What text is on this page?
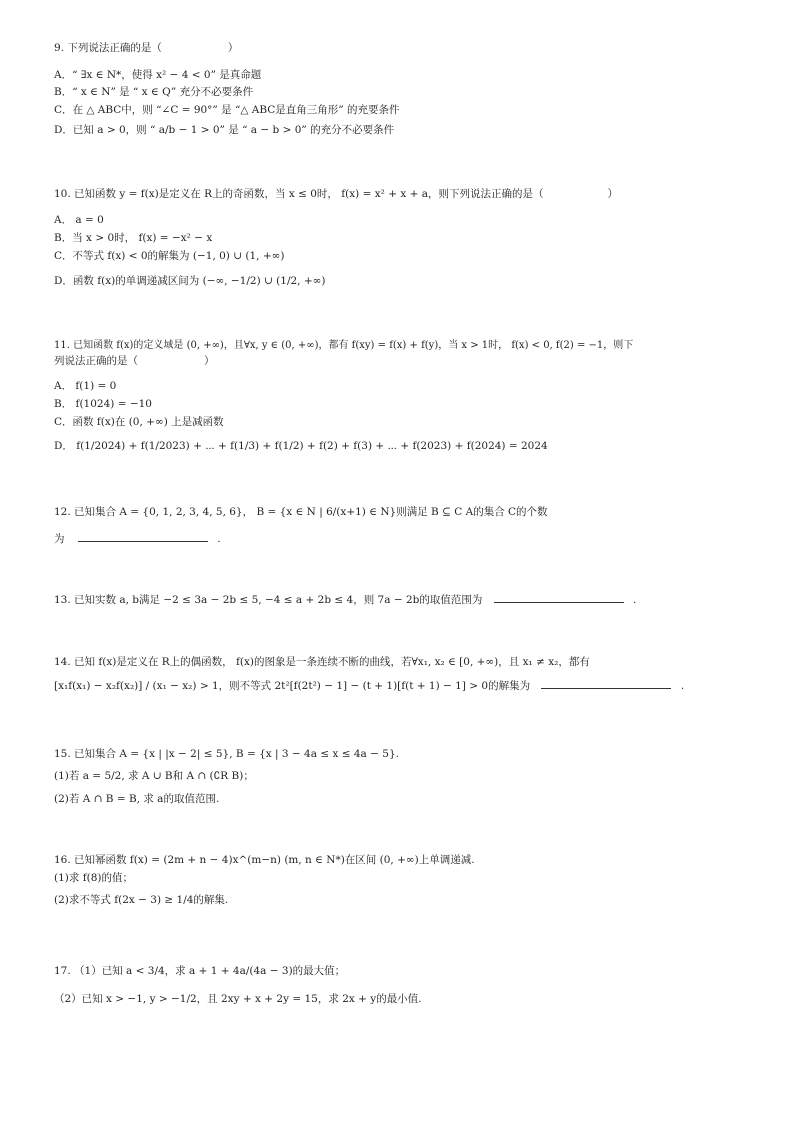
9. 下列说法正确的是（	）
A．“ ∃x ∈ N*，使得 x² − 4 < 0” 是真命题
B．“ x ∈ N” 是 “ x ∈ Q” 充分不必要条件
C．在 △ ABC中，则 “∠C = 90°” 是 “△ ABC是直角三角形” 的充要条件
D．已知 a > 0，则 “ a/b − 1 > 0” 是 “ a − b > 0” 的充分不必要条件
10. 已知函数 y = f(x)是定义在 R上的奇函数，当 x ≤ 0时， f(x) = x² + x + a，则下列说法正确的是（	）
A． a = 0
B．当 x > 0时， f(x) = −x² − x
C．不等式 f(x) < 0的解集为 (−1, 0) ∪ (1, +∞)
D．函数 f(x)的单调递减区间为 (−∞, −1/2) ∪ (1/2, +∞)
11. 已知函数 f(x)的定义域是 (0, +∞)，且∀x, y ∈ (0, +∞)，都有 f(xy) = f(x) + f(y)，当 x > 1时， f(x) < 0, f(2) = −1，则下
列说法正确的是（	）
A． f(1) = 0
B． f(1024) = −10
C．函数 f(x)在 (0, +∞) 上是减函数
D． f(1/2024) + f(1/2023) + ⋯ + f(1/3) + f(1/2) + f(2) + f(3) + ⋯ + f(2023) + f(2024) = 2024
12. 已知集合 A = {0, 1, 2, 3, 4, 5, 6}， B = {x ∈ N | 6/(x+1) ∈ N}则满足 B ⊆ C A的集合 C的个数
为	.
13. 已知实数 a, b满足 −2 ≤ 3a − 2b ≤ 5, −4 ≤ a + 2b ≤ 4，则 7a − 2b的取值范围为	.
14. 已知 f(x)是定义在 R上的偶函数， f(x)的图象是一条连续不断的曲线，若∀x₁, x₂ ∈ [0, +∞)，且 x₁ ≠ x₂，都有
[x₁f(x₁) − x₂f(x₂)] / (x₁ − x₂) > 1，则不等式 2t²[f(2t²) − 1] − (t + 1)[f(t + 1) − 1] > 0的解集为	.
15. 已知集合 A = {x | |x − 2| ≤ 5}, B = {x | 3 − 4a ≤ x ≤ 4a − 5}.
(1)若 a = 5/2, 求 A ∪ B和 A ∩ (∁R B)；
(2)若 A ∩ B = B, 求 a的取值范围.
16. 已知幂函数 f(x) = (2m + n − 4)x^(m−n) (m, n ∈ N*)在区间 (0, +∞)上单调递减.
(1)求 f(8)的值；
(2)求不等式 f(2x − 3) ≥ 1/4的解集.
17. （1）已知 a < 3/4，求 a + 1 + 4a/(4a − 3)的最大值；
（2）已知 x > −1, y > −1/2，且 2xy + x + 2y = 15，求 2x + y的最小值.
